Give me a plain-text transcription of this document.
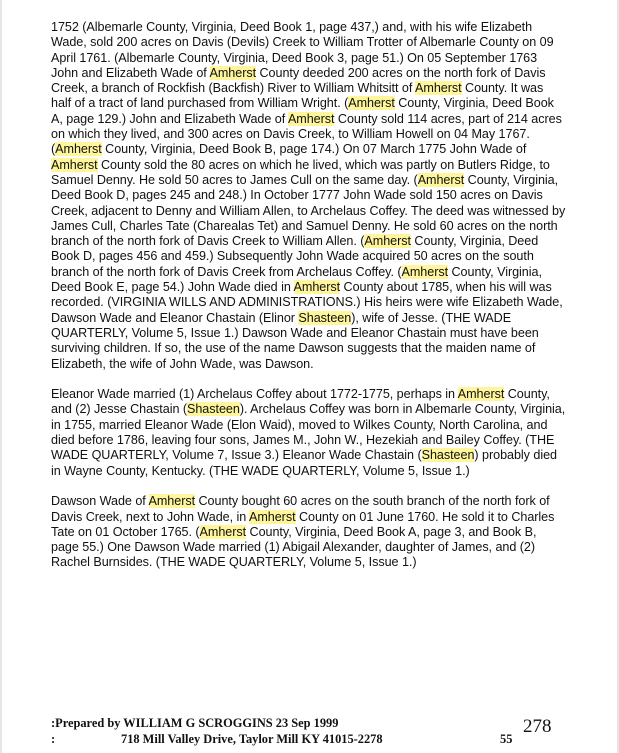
1752 (Albemarle County, Virginia, Deed Book 1, page 437,) and, with his wife Elizabeth Wade, sold 200 acres on Davis (Devils) Creek to William Trotter of Albemarle County on 09 April 1761. (Albemarle County, Virginia, Deed Book 3, page 51.) On 05 September 1763 John and Elizabeth Wade of Amherst County deeded 200 acres on the north fork of Davis Creek, a branch of Rockfish (Backfish) River to William Whitsitt of Amherst County. It was half of a tract of land purchased from William Wright. (Amherst County, Virginia, Deed Book A, page 129.) John and Elizabeth Wade of Amherst County sold 114 acres, part of 214 acres on which they lived, and 300 acres on Davis Creek, to William Howell on 04 May 1767. (Amherst County, Virginia, Deed Book B, page 174.) On 07 March 1775 John Wade of Amherst County sold the 80 acres on which he lived, which was partly on Butlers Ridge, to Samuel Denny. He sold 50 acres to James Cull on the same day. (Amherst County, Virginia, Deed Book D, pages 245 and 248.) In October 1777 John Wade sold 150 acres on Davis Creek, adjacent to Denny and William Allen, to Archelaus Coffey. The deed was witnessed by James Cull, Charles Tate (Charealas Tet) and Samuel Denny. He sold 60 acres on the north branch of the north fork of Davis Creek to William Allen. (Amherst County, Virginia, Deed Book D, pages 456 and 459.) Subsequently John Wade acquired 50 acres on the south branch of the north fork of Davis Creek from Archelaus Coffey. (Amherst County, Virginia, Deed Book E, page 54.) John Wade died in Amherst County about 1785, when his will was recorded. (VIRGINIA WILLS AND ADMINISTRATIONS.) His heirs were wife Elizabeth Wade, Dawson Wade and Eleanor Chastain (Elinor Shasteen), wife of Jesse. (THE WADE QUARTERLY, Volume 5, Issue 1.) Dawson Wade and Eleanor Chastain must have been surviving children. If so, the use of the name Dawson suggests that the maiden name of Elizabeth, the wife of John Wade, was Dawson.

Eleanor Wade married (1) Archelaus Coffey about 1772-1775, perhaps in Amherst County, and (2) Jesse Chastain (Shasteen). Archelaus Coffey was born in Albemarle County, Virginia, in 1755, married Eleanor Wade (Elon Waid), moved to Wilkes County, North Carolina, and died before 1786, leaving four sons, James M., John W., Hezekiah and Bailey Coffey. (THE WADE QUARTERLY, Volume 7, Issue 3.) Eleanor Wade Chastain (Shasteen) probably died in Wayne County, Kentucky. (THE WADE QUARTERLY, Volume 5, Issue 1.)

Dawson Wade of Amherst County bought 60 acres on the south branch of the north fork of Davis Creek, next to John Wade, in Amherst County on 01 June 1760. He sold it to Charles Tate on 01 October 1765. (Amherst County, Virginia, Deed Book A, page 3, and Book B, page 55.) One Dawson Wade married (1) Abigail Alexander, daughter of James, and (2) Rachel Burnsides. (THE WADE QUARTERLY, Volume 5, Issue 1.)

:Prepared by WILLIAM G SCROGGINS 23 Sep 1999
:	718 Mill Valley Drive, Taylor Mill KY 41015-2278	55
278
